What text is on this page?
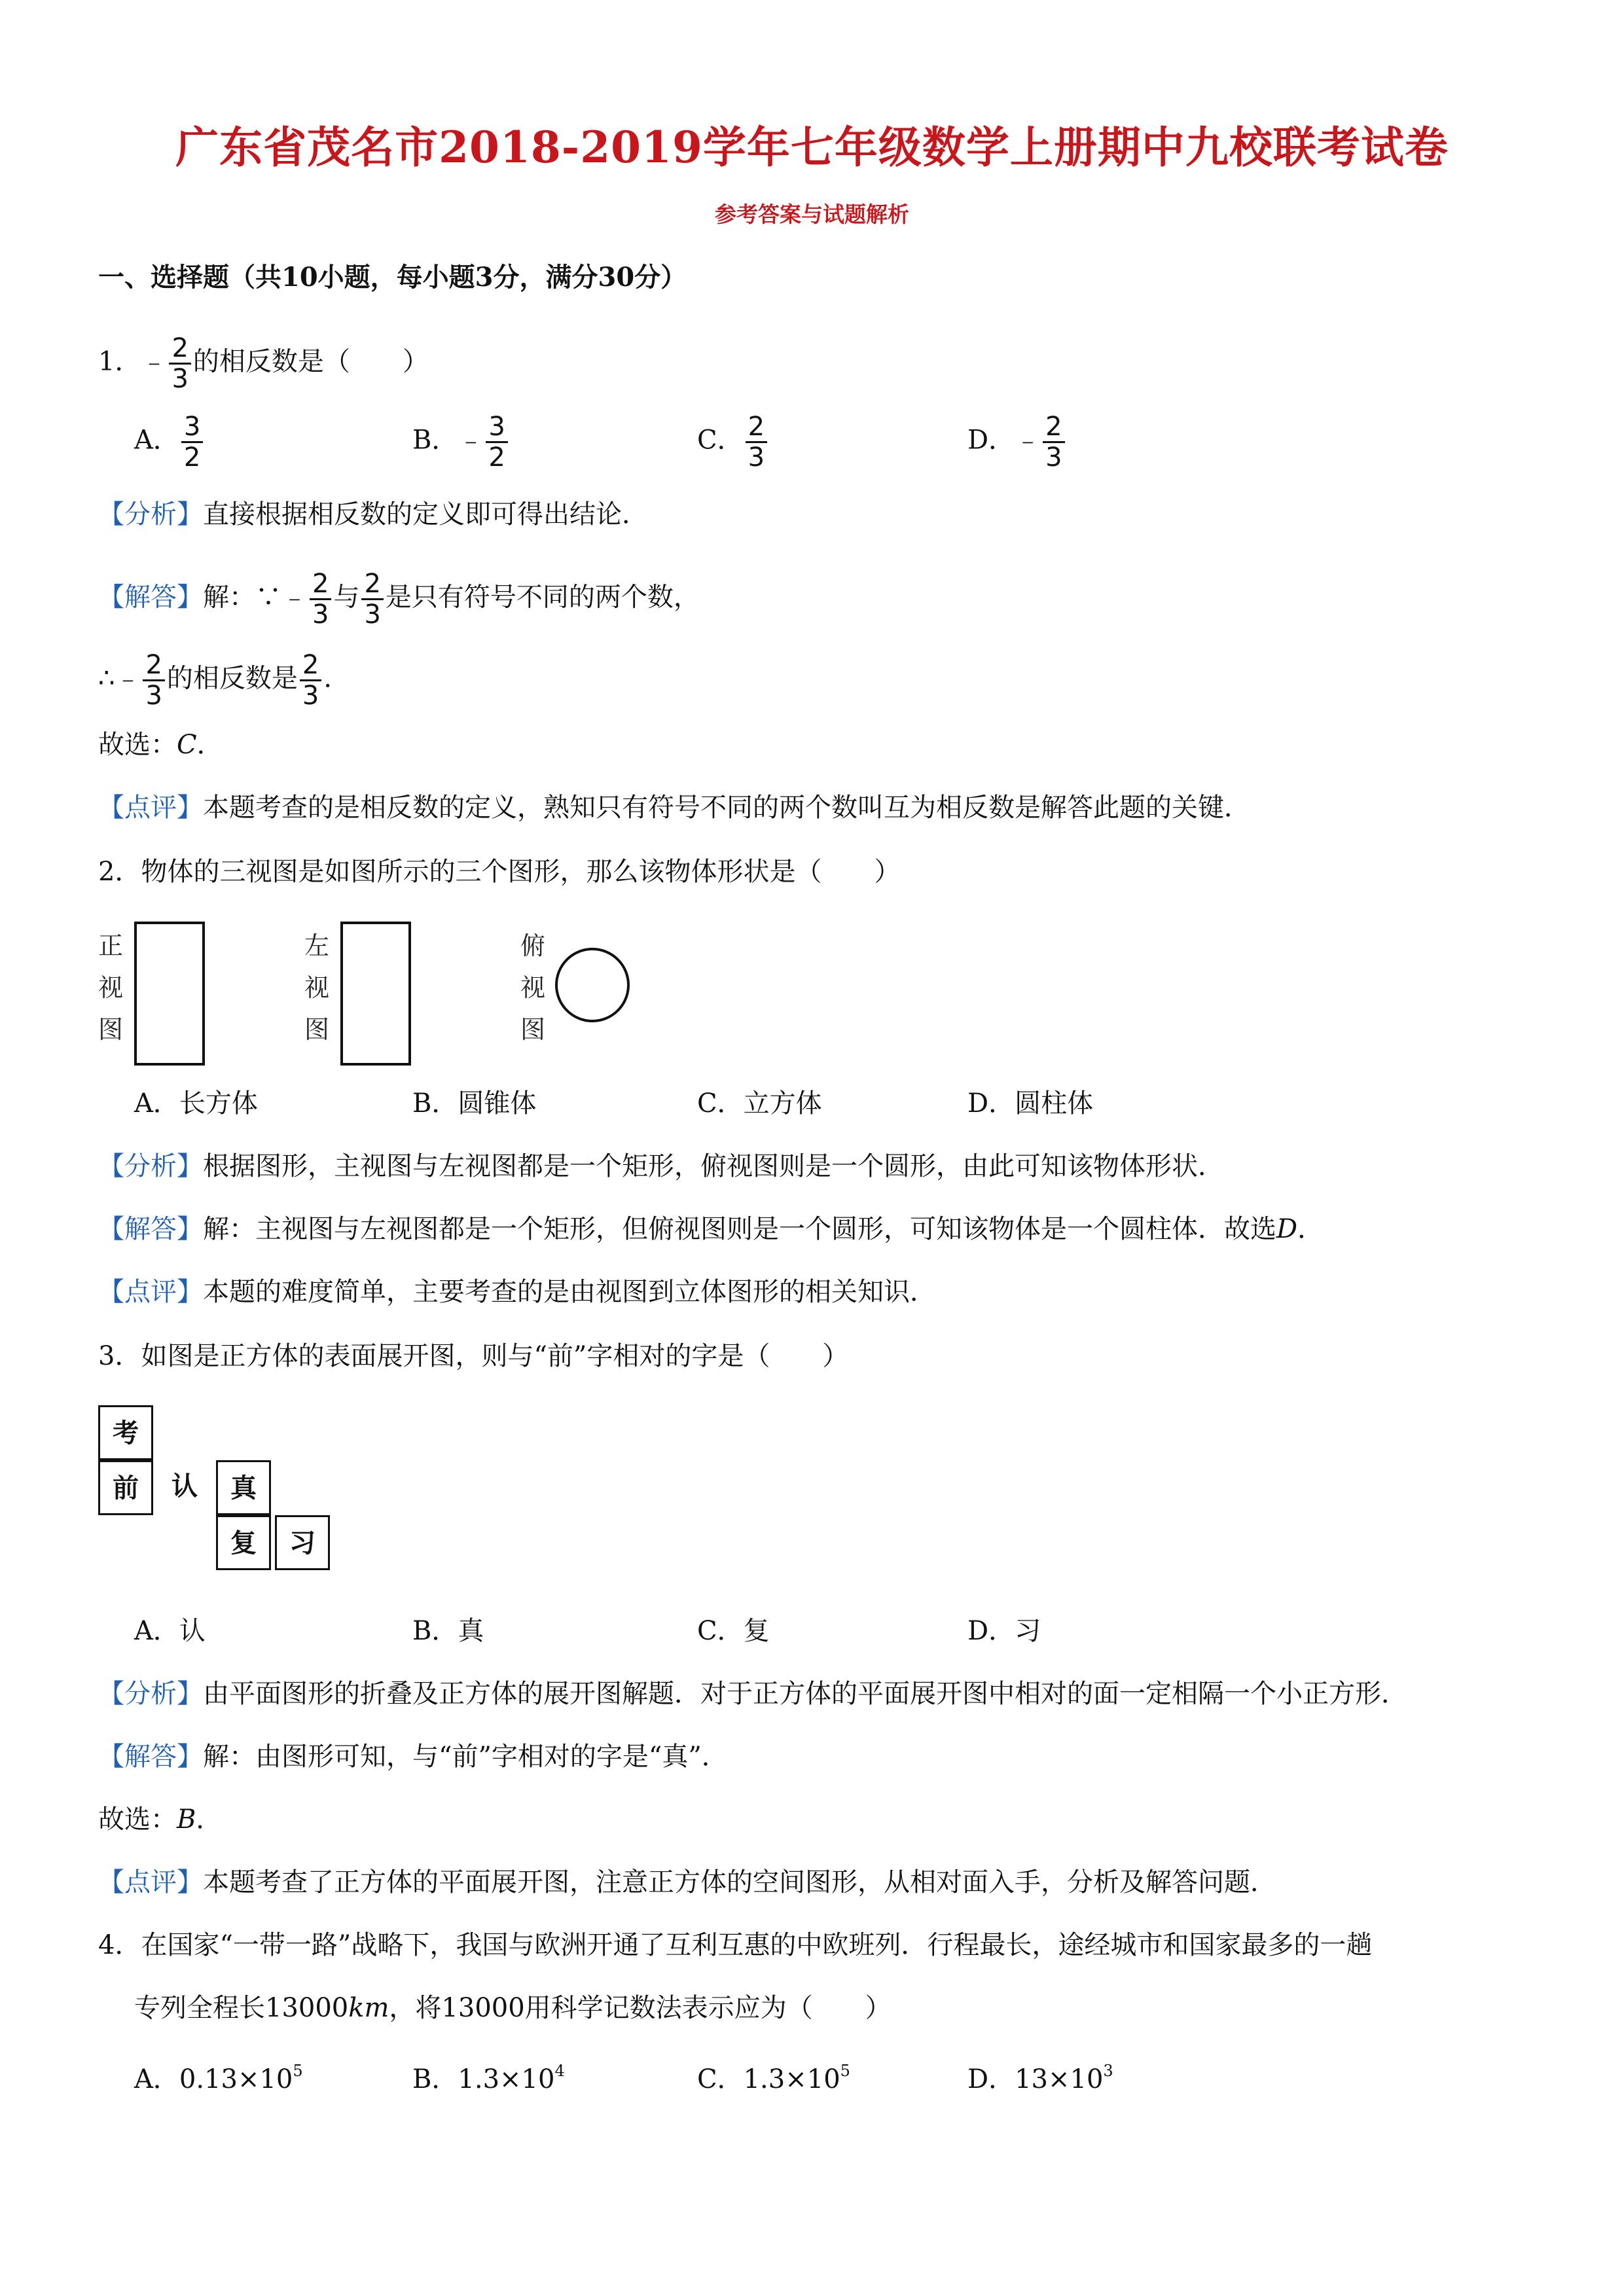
广东省茂名市2018-2019学年七年级数学上册期中九校联考试卷
参考答案与试题解析
一、选择题（共10小题，每小题3分，满分30分）
1．﹣ $\frac{2}{3}$ 的相反数是（　　）
A． $\frac{3}{2}$	B．﹣ $\frac{3}{2}$	C． $\frac{2}{3}$	D．﹣ $\frac{2}{3}$
【分析】直接根据相反数的定义即可得出结论．
【解答】解：∵﹣ $\frac{2}{3}$ 与 $\frac{2}{3}$ 是只有符号不同的两个数，
∴﹣ $\frac{2}{3}$ 的相反数是 $\frac{2}{3}$ .
故选：C．
【点评】本题考查的是相反数的定义，熟知只有符号不同的两个数叫互为相反数是解答此题的关键．
2．物体的三视图是如图所示的三个图形，那么该物体形状是（　　）
正
视
图
左
视
图
俯
视
图
A．长方体	B．圆锥体	C．立方体	D．圆柱体
【分析】根据图形，主视图与左视图都是一个矩形，俯视图则是一个圆形，由此可知该物体形状．
【解答】解：主视图与左视图都是一个矩形，但俯视图则是一个圆形，可知该物体是一个圆柱体．故选D．
【点评】本题的难度简单，主要考查的是由视图到立体图形的相关知识．
3．如图是正方体的表面展开图，则与“前”字相对的字是（　　）
考
前	认	真
复	习
A．认	B．真	C．复	D．习
【分析】由平面图形的折叠及正方体的展开图解题．对于正方体的平面展开图中相对的面一定相隔一个小正方形．
【解答】解：由图形可知，与“前”字相对的字是“真”．
故选：B．
【点评】本题考查了正方体的平面展开图，注意正方体的空间图形，从相对面入手，分析及解答问题．
4．在国家“一带一路”战略下，我国与欧洲开通了互利互惠的中欧班列．行程最长，途经城市和国家最多的一趟
专列全程长13000km，将13000用科学记数法表示应为（　　）
A．$0.13\times 10^5$	B．$1.3\times 10^4$	C．$1.3\times 10^5$	D．$13\times 10^3$
